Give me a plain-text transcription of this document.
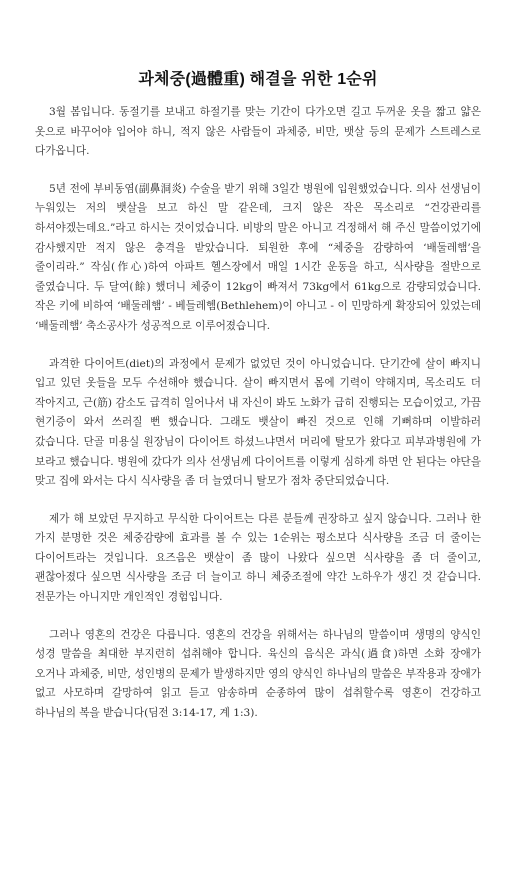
과체중(過體重) 해결을 위한 1순위

3월 봄입니다. 동절기를 보내고 하절기를 맞는 기간이 다가오면 길고 두꺼운 옷을 짧고 얇은 옷으로 바꾸어야 입어야 하니, 적지 않은 사람들이 과체중, 비만, 뱃살 등의 문제가 스트레스로 다가옵니다.

5년 전에 부비동염(副鼻洞炎) 수술을 받기 위해 3일간 병원에 입원했었습니다. 의사 선생님이 누워있는 저의 뱃살을 보고 하신 말 같은데, 크지 않은 작은 목소리로 “건강관리를 하셔야겠는데요.”라고 하시는 것이었습니다. 비방의 말은 아니고 걱정해서 해 주신 말씀이었기에 감사했지만 적지 않은 충격을 받았습니다. 퇴원한 후에 “체중을 감량하여 ‘배둘레햄’을 줄이리라.” 작심(作心)하여 아파트 헬스장에서 매일 1시간 운동을 하고, 식사량을 절반으로 줄였습니다. 두 달여(餘) 했더니 체중이 12kg이 빠져서 73kg에서 61kg으로 감량되었습니다. 작은 키에 비하여 ‘배둘레햄’ - 베들레헴(Bethlehem)이 아니고 - 이 민망하게 확장되어 있었는데 ‘배둘레햄’ 축소공사가 성공적으로 이루어졌습니다.

과격한 다이어트(diet)의 과정에서 문제가 없었던 것이 아니었습니다. 단기간에 살이 빠지니 입고 있던 옷들을 모두 수선해야 했습니다. 살이 빠지면서 몸에 기력이 약해지며, 목소리도 더 작아지고, 근(筋) 감소도 급격히 일어나서 내 자신이 봐도 노화가 급히 진행되는 모습이었고, 가끔 현기증이 와서 쓰러질 뻔 했습니다. 그래도 뱃살이 빠진 것으로 인해 기뻐하며 이발하러 갔습니다. 단골 미용실 원장님이 다이어트 하셨느냐면서 머리에 탈모가 왔다고 피부과병원에 가 보라고 했습니다. 병원에 갔다가 의사 선생님께 다이어트를 이렇게 심하게 하면 안 된다는 야단을 맞고 집에 와서는 다시 식사량을 좀 더 늘였더니 탈모가 점차 중단되었습니다.

제가 해 보았던 무지하고 무식한 다이어트는 다른 분들께 권장하고 싶지 않습니다. 그러나 한 가지 분명한 것은 체중감량에 효과를 볼 수 있는 1순위는 평소보다 식사량을 조금 더 줄이는 다이어트라는 것입니다. 요즈음은 뱃살이 좀 많이 나왔다 싶으면 식사량을 좀 더 줄이고, 괜찮아졌다 싶으면 식사량을 조금 더 늘이고 하니 체중조절에 약간 노하우가 생긴 것 같습니다. 전문가는 아니지만 개인적인 경험입니다.

그러나 영혼의 건강은 다릅니다. 영혼의 건강을 위해서는 하나님의 말씀이며 생명의 양식인 성경 말씀을 최대한 부지런히 섭취해야 합니다. 육신의 음식은 과식(過食)하면 소화 장애가 오거나 과체중, 비만, 성인병의 문제가 발생하지만 영의 양식인 하나님의 말씀은 부작용과 장애가 없고 사모하며 갈망하여 읽고 듣고 암송하며 순종하여 많이 섭취할수록 영혼이 건강하고 하나님의 복을 받습니다(딤전 3:14-17, 계 1:3).
